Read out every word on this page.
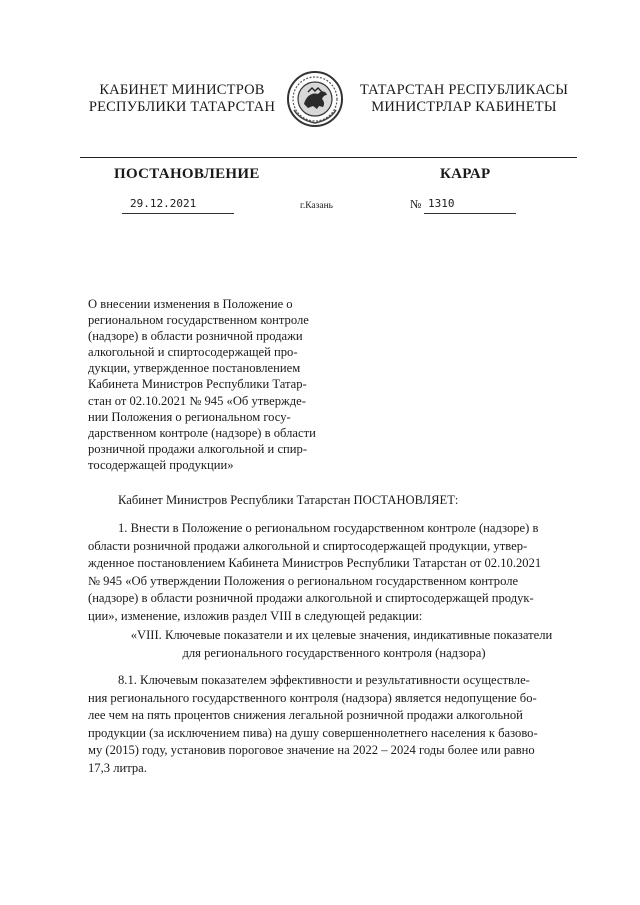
КАБИНЕТ МИНИСТРОВ
РЕСПУБЛИКИ ТАТАРСТАН
ТАТАРСТАН РЕСПУБЛИКАСЫ
МИНИСТРЛАР КАБИНЕТЫ
ПОСТАНОВЛЕНИЕ	КАРАР
29.12.2021	г.Казань	№ 1310
О внесении изменения в Положение о
региональном государственном контроле
(надзоре) в области розничной продажи
алкогольной и спиртосодержащей про-
дукции, утвержденное постановлением
Кабинета Министров Республики Татар-
стан от 02.10.2021 № 945 «Об утвержде-
нии Положения о региональном госу-
дарственном контроле (надзоре) в области
розничной продажи алкогольной и спир-
тосодержащей продукции»
Кабинет Министров Республики Татарстан ПОСТАНОВЛЯЕТ:
1. Внести в Положение о региональном государственном контроле (надзоре) в
области розничной продажи алкогольной и спиртосодержащей продукции, утвер-
жденное постановлением Кабинета Министров Республики Татарстан от 02.10.2021
№ 945 «Об утверждении Положения о региональном государственном контроле
(надзоре) в области розничной продажи алкогольной и спиртосодержащей продук-
ции», изменение, изложив раздел VIII в следующей редакции:
«VIII. Ключевые показатели и их целевые значения, индикативные показатели
для регионального государственного контроля (надзора)
8.1. Ключевым показателем эффективности и результативности осуществле-
ния регионального государственного контроля (надзора) является недопущение бо-
лее чем на пять процентов снижения легальной розничной продажи алкогольной
продукции (за исключением пива) на душу совершеннолетнего населения к базово-
му (2015) году, установив пороговое значение на 2022 – 2024 годы более или равно
17,3 литра.
